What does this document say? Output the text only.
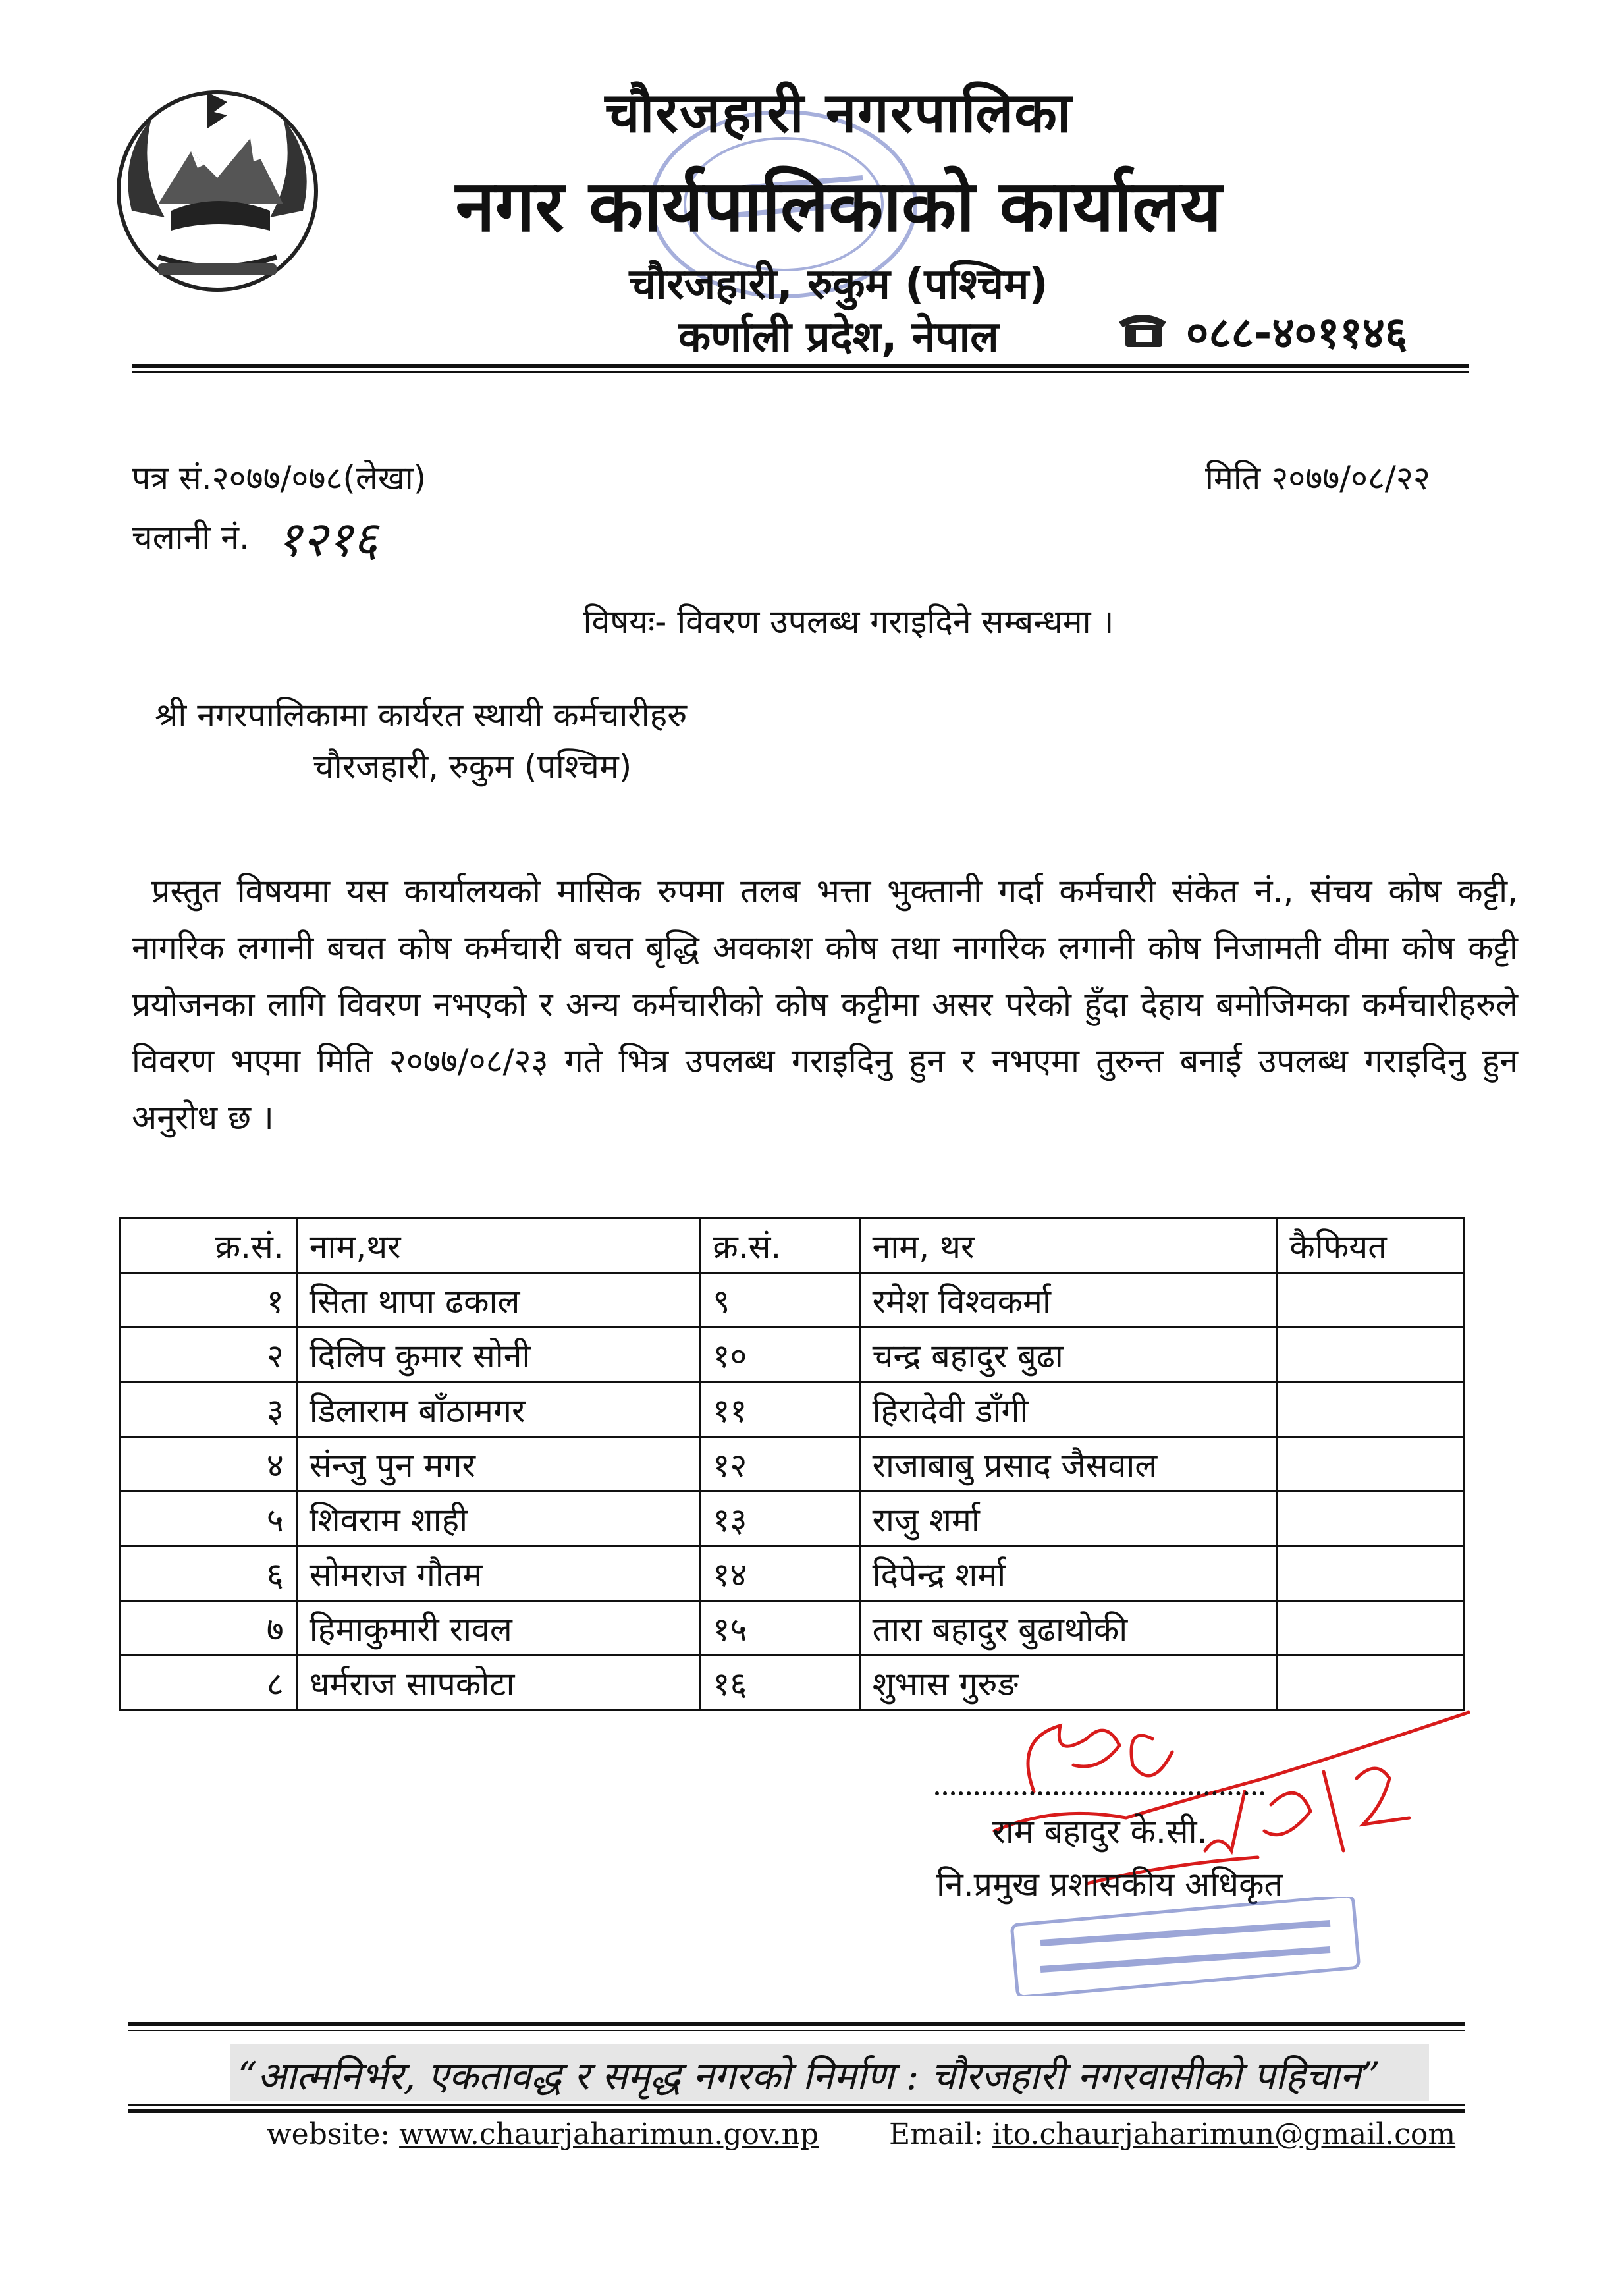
चौरजहारी नगरपालिका
नगर कार्यपालिकाको कार्यालय
चौरजहारी, रुकुम (पश्चिम)
कर्णाली प्रदेश, नेपाल	०८८-४०११४६
पत्र सं.२०७७/०७८(लेखा)	मिति २०७७/०८/२२
चलानी नं. १२१६
विषयः- विवरण उपलब्ध गराइदिने सम्बन्धमा ।
श्री नगरपालिकामा कार्यरत स्थायी कर्मचारीहरु
चौरजहारी, रुकुम (पश्चिम)
प्रस्तुत विषयमा यस कार्यालयको मासिक रुपमा तलब भत्ता भुक्तानी गर्दा कर्मचारी संकेत नं., संचय कोष कट्टी, नागरिक लगानी बचत कोष कर्मचारी बचत बृद्धि अवकाश कोष तथा नागरिक लगानी कोष निजामती वीमा कोष कट्टी प्रयोजनका लागि विवरण नभएको र अन्य कर्मचारीको कोष कट्टीमा असर परेको हुँदा देहाय बमोजिमका कर्मचारीहरुले विवरण भएमा मिति २०७७/०८/२३ गते भित्र उपलब्ध गराइदिनु हुन र नभएमा तुरुन्त बनाई उपलब्ध गराइदिनु हुन अनुरोध छ ।
क्र.सं.	नाम,थर	क्र.सं.	नाम, थर	कैफियत
१	सिता थापा ढकाल	९	रमेश विश्वकर्मा	
२	दिलिप कुमार सोनी	१०	चन्द्र बहादुर बुढा	
३	डिलाराम बाँठामगर	११	हिरादेवी डाँगी	
४	संन्जु पुन मगर	१२	राजाबाबु प्रसाद जैसवाल	
५	शिवराम शाही	१३	राजु शर्मा	
६	सोमराज गौतम	१४	दिपेन्द्र शर्मा	
७	हिमाकुमारी रावल	१५	तारा बहादुर बुढाथोकी	
८	धर्मराज सापकोटा	१६	शुभास गुरुङ	
राम बहादुर के.सी.
नि.प्रमुख प्रशासकीय अधिकृत
“आत्मनिर्भर, एकतावद्ध र समृद्ध नगरको निर्माण : चौरजहारी नगरवासीको पहिचान”
website: www.chaurjaharimun.gov.np Email: ito.chaurjaharimun@gmail.com
